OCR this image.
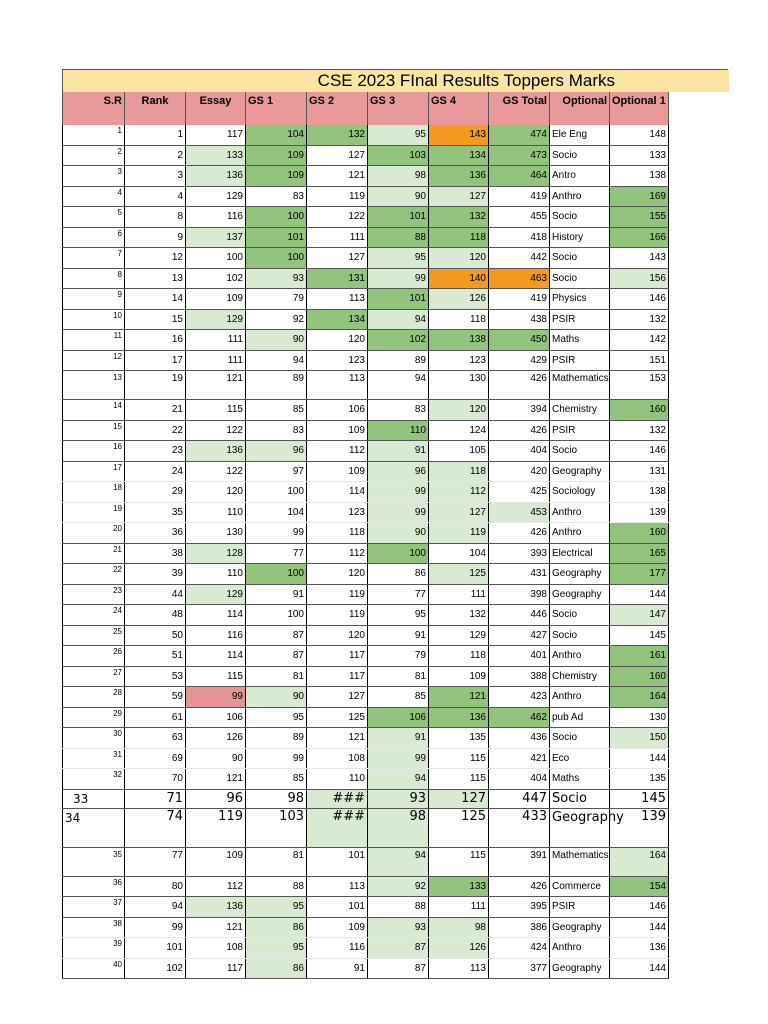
CSE 2023 FInal Results Toppers Marks
S.R	Rank	Essay	GS 1	GS 2	GS 3	GS 4	GS Total	Optional	Optional 1
1	1	117	104	132	95	143	474	Ele Eng	148
2	2	133	109	127	103	134	473	Socio	133
3	3	136	109	121	98	136	464	Antro	138
4	4	129	83	119	90	127	419	Anthro	169
5	8	116	100	122	101	132	455	Socio	155
6	9	137	101	111	88	118	418	History	166
7	12	100	100	127	95	120	442	Socio	143
8	13	102	93	131	99	140	463	Socio	156
9	14	109	79	113	101	126	419	Physics	146
10	15	129	92	134	94	118	438	PSIR	132
11	16	111	90	120	102	138	450	Maths	142
12	17	111	94	123	89	123	429	PSIR	151
13	19	121	89	113	94	130	426	Mathematics	153
14	21	115	85	106	83	120	394	Chemistry	160
15	22	122	83	109	110	124	426	PSIR	132
16	23	136	96	112	91	105	404	Socio	146
17	24	122	97	109	96	118	420	Geography	131
18	29	120	100	114	99	112	425	Sociology	138
19	35	110	104	123	99	127	453	Anthro	139
20	36	130	99	118	90	119	426	Anthro	160
21	38	128	77	112	100	104	393	Electrical	165
22	39	110	100	120	86	125	431	Geography	177
23	44	129	91	119	77	111	398	Geography	144
24	48	114	100	119	95	132	446	Socio	147
25	50	116	87	120	91	129	427	Socio	145
26	51	114	87	117	79	118	401	Anthro	161
27	53	115	81	117	81	109	388	Chemistry	160
28	59	99	90	127	85	121	423	Anthro	164
29	61	106	95	125	106	136	462	pub Ad	130
30	63	126	89	121	91	135	436	Socio	150
31	69	90	99	108	99	115	421	Eco	144
32	70	121	85	110	94	115	404	Maths	135
33	71	96	98	###	93	127	447	Socio	145
34	74	119	103	###	98	125	433	Geography	139
35	77	109	81	101	94	115	391	Mathematics	164
36	80	112	88	113	92	133	426	Commerce	154
37	94	136	95	101	88	111	395	PSIR	146
38	99	121	86	109	93	98	386	Geography	144
39	101	108	95	116	87	126	424	Anthro	136
40	102	117	86	91	87	113	377	Geography	144
